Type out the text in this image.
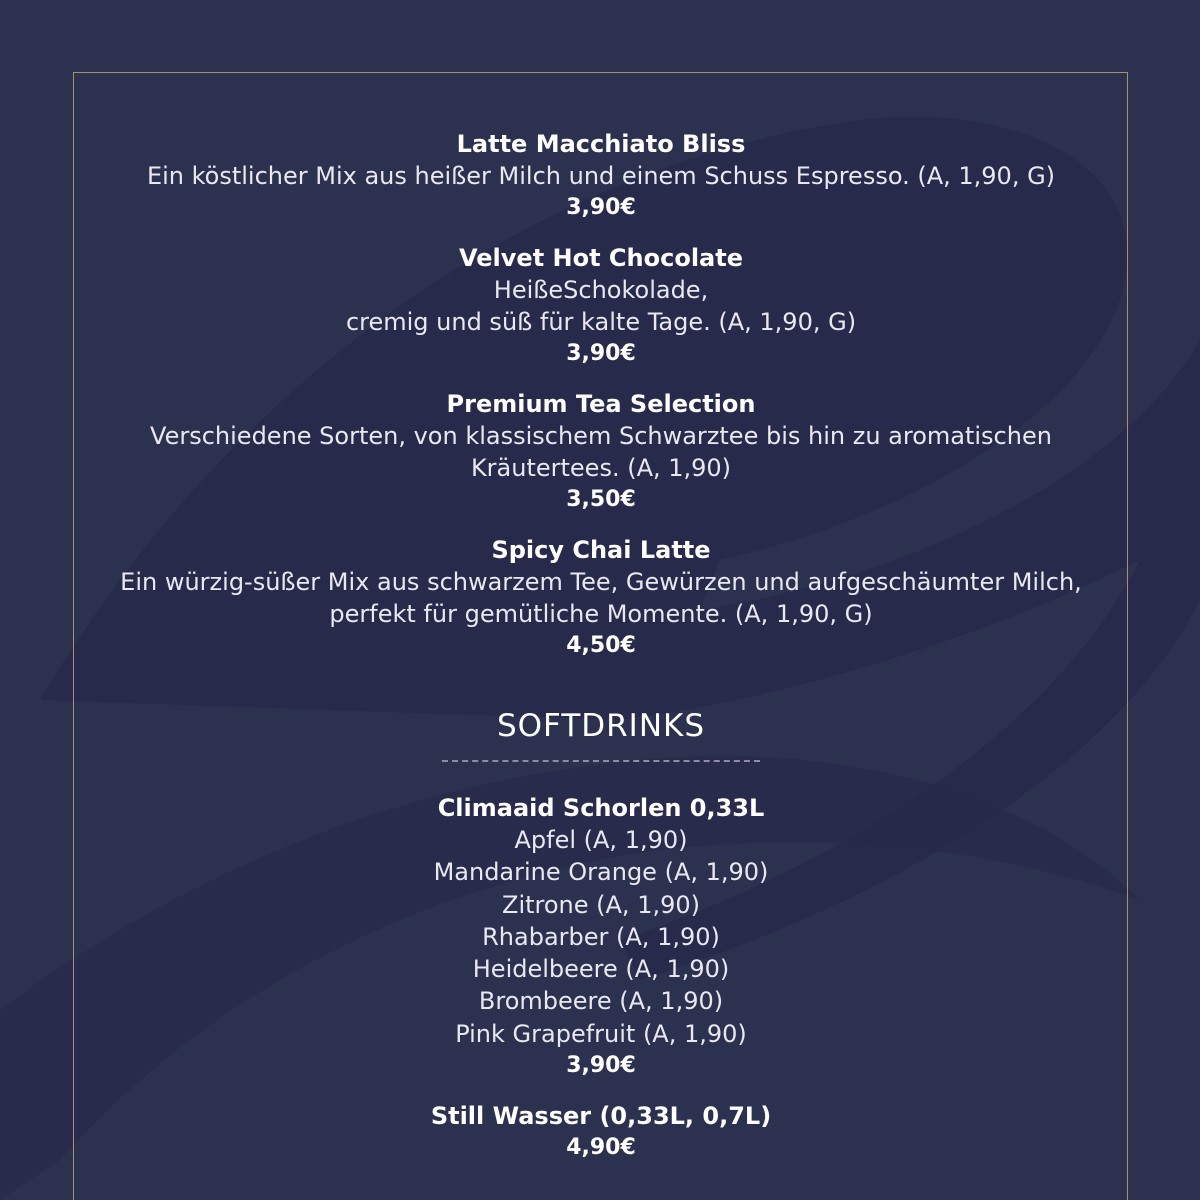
Latte Macchiato Bliss
Ein köstlicher Mix aus heißer Milch und einem Schuss Espresso. (A, 1,90, G)
3,90€
Velvet Hot Chocolate
HeißeSchokolade,
cremig und süß für kalte Tage. (A, 1,90, G)
3,90€
Premium Tea Selection
Verschiedene Sorten, von klassischem Schwarztee bis hin zu aromatischen
Kräutertees. (A, 1,90)
3,50€
Spicy Chai Latte
Ein würzig-süßer Mix aus schwarzem Tee, Gewürzen und aufgeschäumter Milch,
perfekt für gemütliche Momente. (A, 1,90, G)
4,50€
SOFTDRINKS
Climaaid Schorlen 0,33L
Apfel (A, 1,90)
Mandarine Orange (A, 1,90)
Zitrone (A, 1,90)
Rhabarber (A, 1,90)
Heidelbeere (A, 1,90)
Brombeere (A, 1,90)
Pink Grapefruit (A, 1,90)
3,90€
Still Wasser (0,33L, 0,7L)
4,90€
